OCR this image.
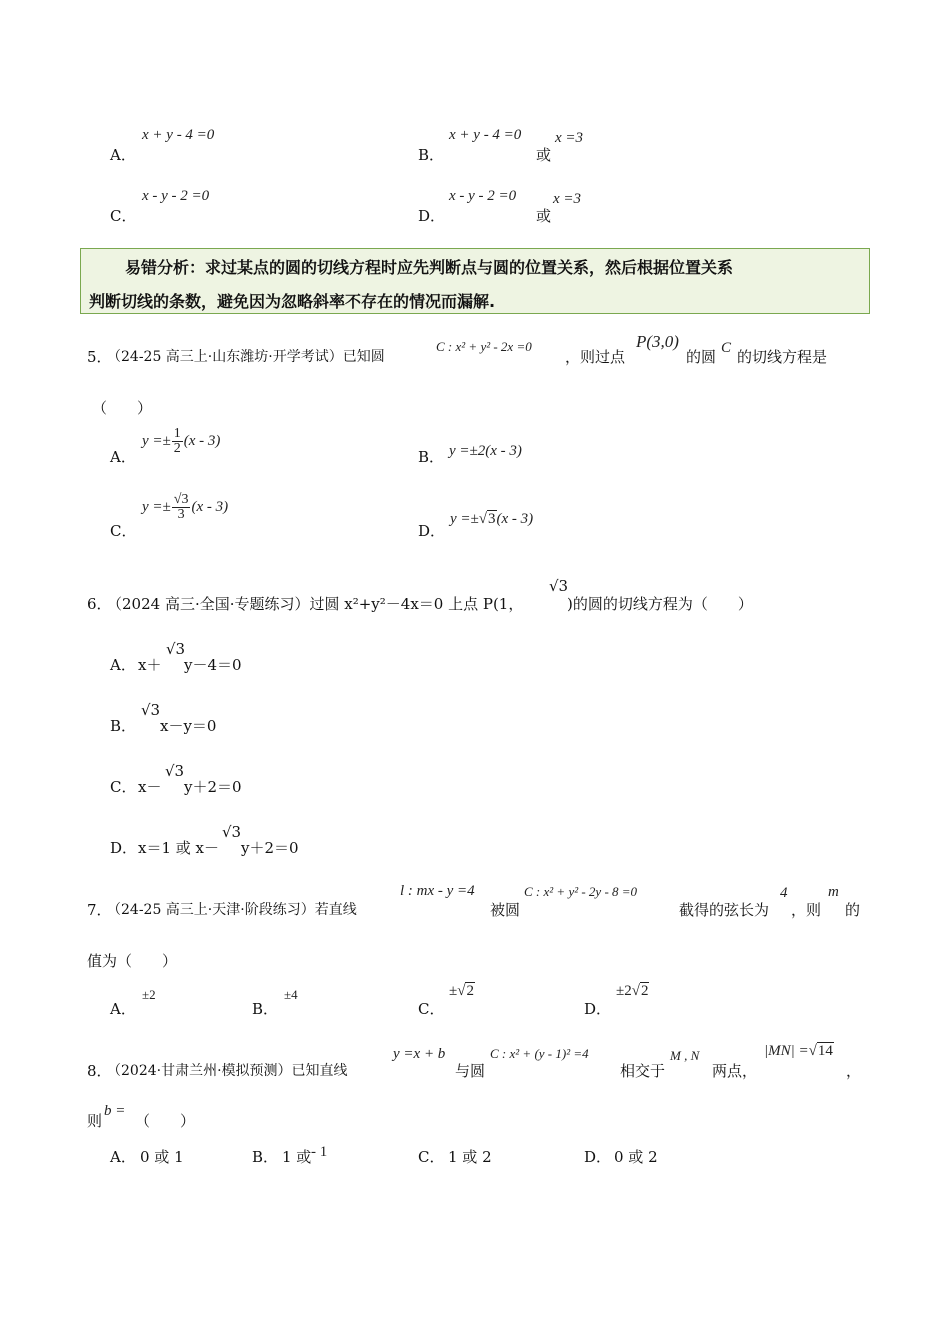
A．
x + y - 4 =0
B．
x + y - 4 =0
或
x =3
C．
x - y - 2 =0
D．
x - y - 2 =0
或
x =3
易错分析：求过某点的圆的切线方程时应先判断点与圆的位置关系，然后根据位置关系
判断切线的条数，避免因为忽略斜率不存在的情况而漏解.
5．
（24-25 高三上·山东潍坊·开学考试）已知圆
C : x² + y² - 2x =0
，则过点
P(3,0)
的圆 C 的切线方程是
（　　）
A．
$y =\pm \frac{1}{2} (x - 3)$
B． y =±2(x - 3)
C．
$y =\pm \frac{√3}{3} (x - 3)$
D．
y =±√3(x - 3)
6．
（2024 高三·全国·专题练习）过圆 x²+y²－4x＝0 上点 P(1，
√3
)的圆的切线方程为（　　）
A． x＋
√3
y－4＝0
B．
√3
x－y＝0
C． x－
√3
y＋2＝0
D． x＝1 或 x－
√3
y＋2＝0
7．
（24-25 高三上·天津·阶段练习）若直线
l : mx - y =4
被圆
C : x² + y² - 2y - 8 =0
截得的弦长为
4
，则
m
的
值为（　　）
A．
±2
B．
±4
C．
±√2
D．
±2√2
8．
（2024·甘肃兰州·模拟预测）已知直线
y =x + b
与圆
C : x² + (y - 1)² =4
相交于
M , N
两点，
|MN| =√14
，
则
b =
（　　）
A． 0 或 1	B． 1 或 - 1	C． 1 或 2	D． 0 或 2
